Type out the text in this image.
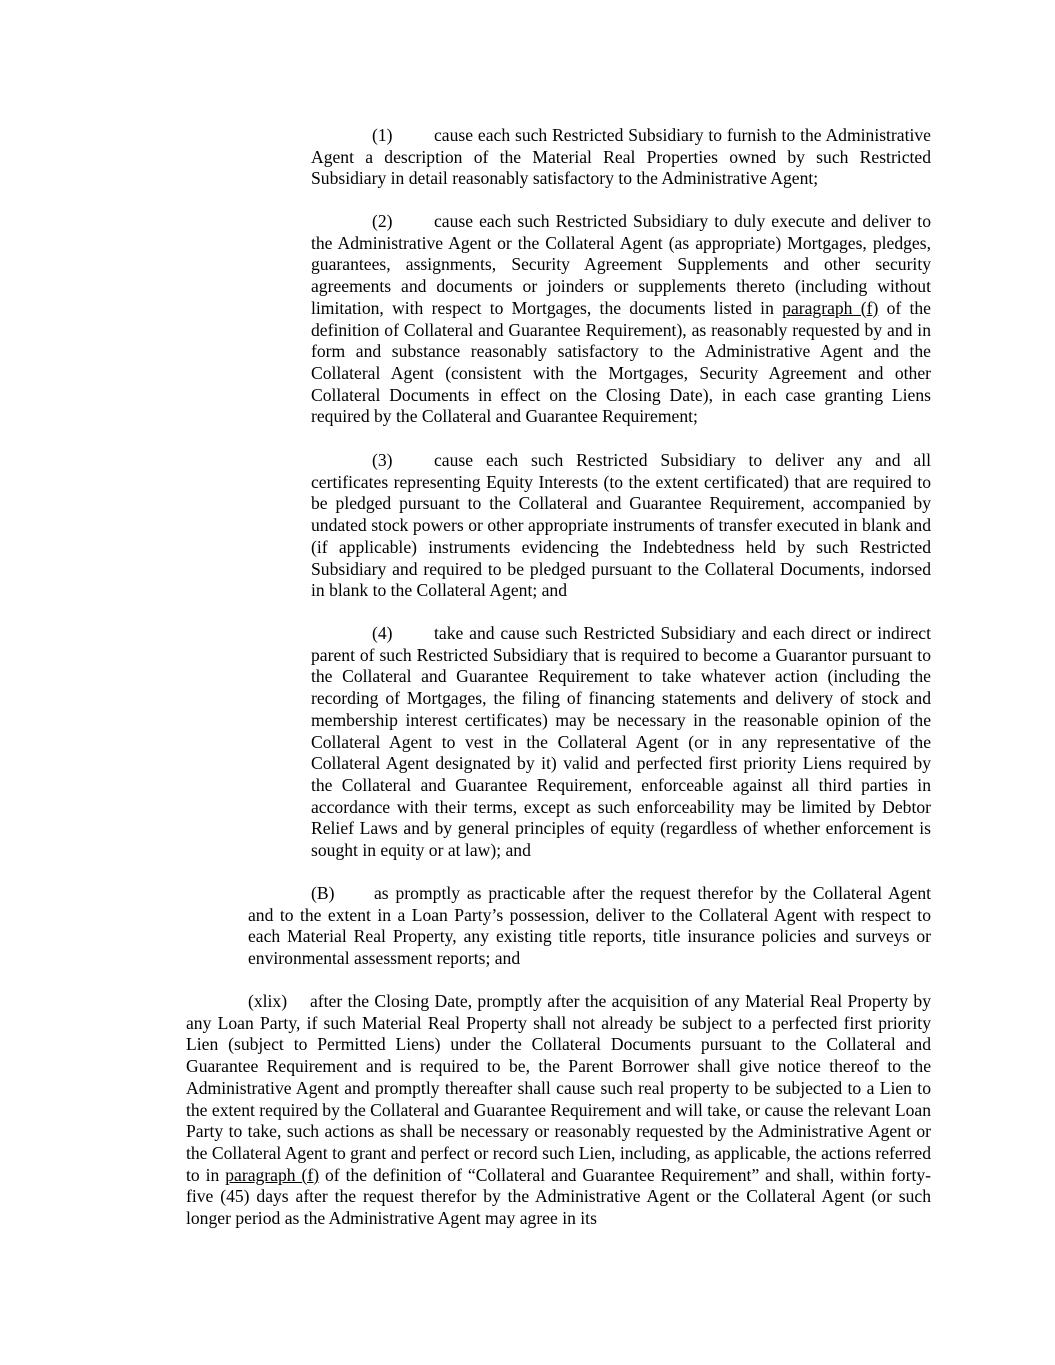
(1) cause each such Restricted Subsidiary to furnish to the Administrative Agent a description of the Material Real Properties owned by such Restricted Subsidiary in detail reasonably satisfactory to the Administrative Agent;

(2) cause each such Restricted Subsidiary to duly execute and deliver to the Administrative Agent or the Collateral Agent (as appropriate) Mortgages, pledges, guarantees, assignments, Security Agreement Supplements and other security agreements and documents or joinders or supplements thereto (including without limitation, with respect to Mortgages, the documents listed in paragraph (f) of the definition of Collateral and Guarantee Requirement), as reasonably requested by and in form and substance reasonably satisfactory to the Administrative Agent and the Collateral Agent (consistent with the Mortgages, Security Agreement and other Collateral Documents in effect on the Closing Date), in each case granting Liens required by the Collateral and Guarantee Requirement;

(3) cause each such Restricted Subsidiary to deliver any and all certificates representing Equity Interests (to the extent certificated) that are required to be pledged pursuant to the Collateral and Guarantee Requirement, accompanied by undated stock powers or other appropriate instruments of transfer executed in blank and (if applicable) instruments evidencing the Indebtedness held by such Restricted Subsidiary and required to be pledged pursuant to the Collateral Documents, indorsed in blank to the Collateral Agent; and

(4) take and cause such Restricted Subsidiary and each direct or indirect parent of such Restricted Subsidiary that is required to become a Guarantor pursuant to the Collateral and Guarantee Requirement to take whatever action (including the recording of Mortgages, the filing of financing statements and delivery of stock and membership interest certificates) may be necessary in the reasonable opinion of the Collateral Agent to vest in the Collateral Agent (or in any representative of the Collateral Agent designated by it) valid and perfected first priority Liens required by the Collateral and Guarantee Requirement, enforceable against all third parties in accordance with their terms, except as such enforceability may be limited by Debtor Relief Laws and by general principles of equity (regardless of whether enforcement is sought in equity or at law); and

(B) as promptly as practicable after the request therefor by the Collateral Agent and to the extent in a Loan Party’s possession, deliver to the Collateral Agent with respect to each Material Real Property, any existing title reports, title insurance policies and surveys or environmental assessment reports; and

(xlix) after the Closing Date, promptly after the acquisition of any Material Real Property by any Loan Party, if such Material Real Property shall not already be subject to a perfected first priority Lien (subject to Permitted Liens) under the Collateral Documents pursuant to the Collateral and Guarantee Requirement and is required to be, the Parent Borrower shall give notice thereof to the Administrative Agent and promptly thereafter shall cause such real property to be subjected to a Lien to the extent required by the Collateral and Guarantee Requirement and will take, or cause the relevant Loan Party to take, such actions as shall be necessary or reasonably requested by the Administrative Agent or the Collateral Agent to grant and perfect or record such Lien, including, as applicable, the actions referred to in paragraph (f) of the definition of “Collateral and Guarantee Requirement” and shall, within forty-five (45) days after the request therefor by the Administrative Agent or the Collateral Agent (or such longer period as the Administrative Agent may agree in its
